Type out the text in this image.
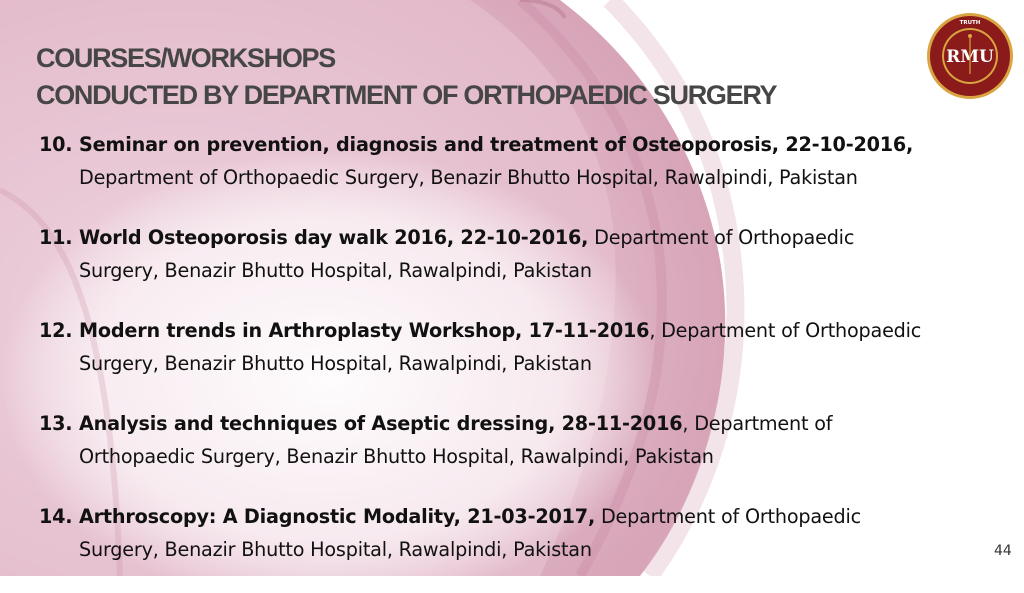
COURSES/WORKSHOPS
CONDUCTED BY DEPARTMENT OF ORTHOPAEDIC SURGERY
TRUTH
RMU
10. Seminar on prevention, diagnosis and treatment of Osteoporosis, 22-10-2016,
Department of Orthopaedic Surgery, Benazir Bhutto Hospital, Rawalpindi, Pakistan
11. World Osteoporosis day walk 2016, 22-10-2016, Department of Orthopaedic
Surgery, Benazir Bhutto Hospital, Rawalpindi, Pakistan
12. Modern trends in Arthroplasty Workshop, 17-11-2016, Department of Orthopaedic
Surgery, Benazir Bhutto Hospital, Rawalpindi, Pakistan
13. Analysis and techniques of Aseptic dressing, 28-11-2016, Department of
Orthopaedic Surgery, Benazir Bhutto Hospital, Rawalpindi, Pakistan
14. Arthroscopy: A Diagnostic Modality, 21-03-2017, Department of Orthopaedic
Surgery, Benazir Bhutto Hospital, Rawalpindi, Pakistan	44
